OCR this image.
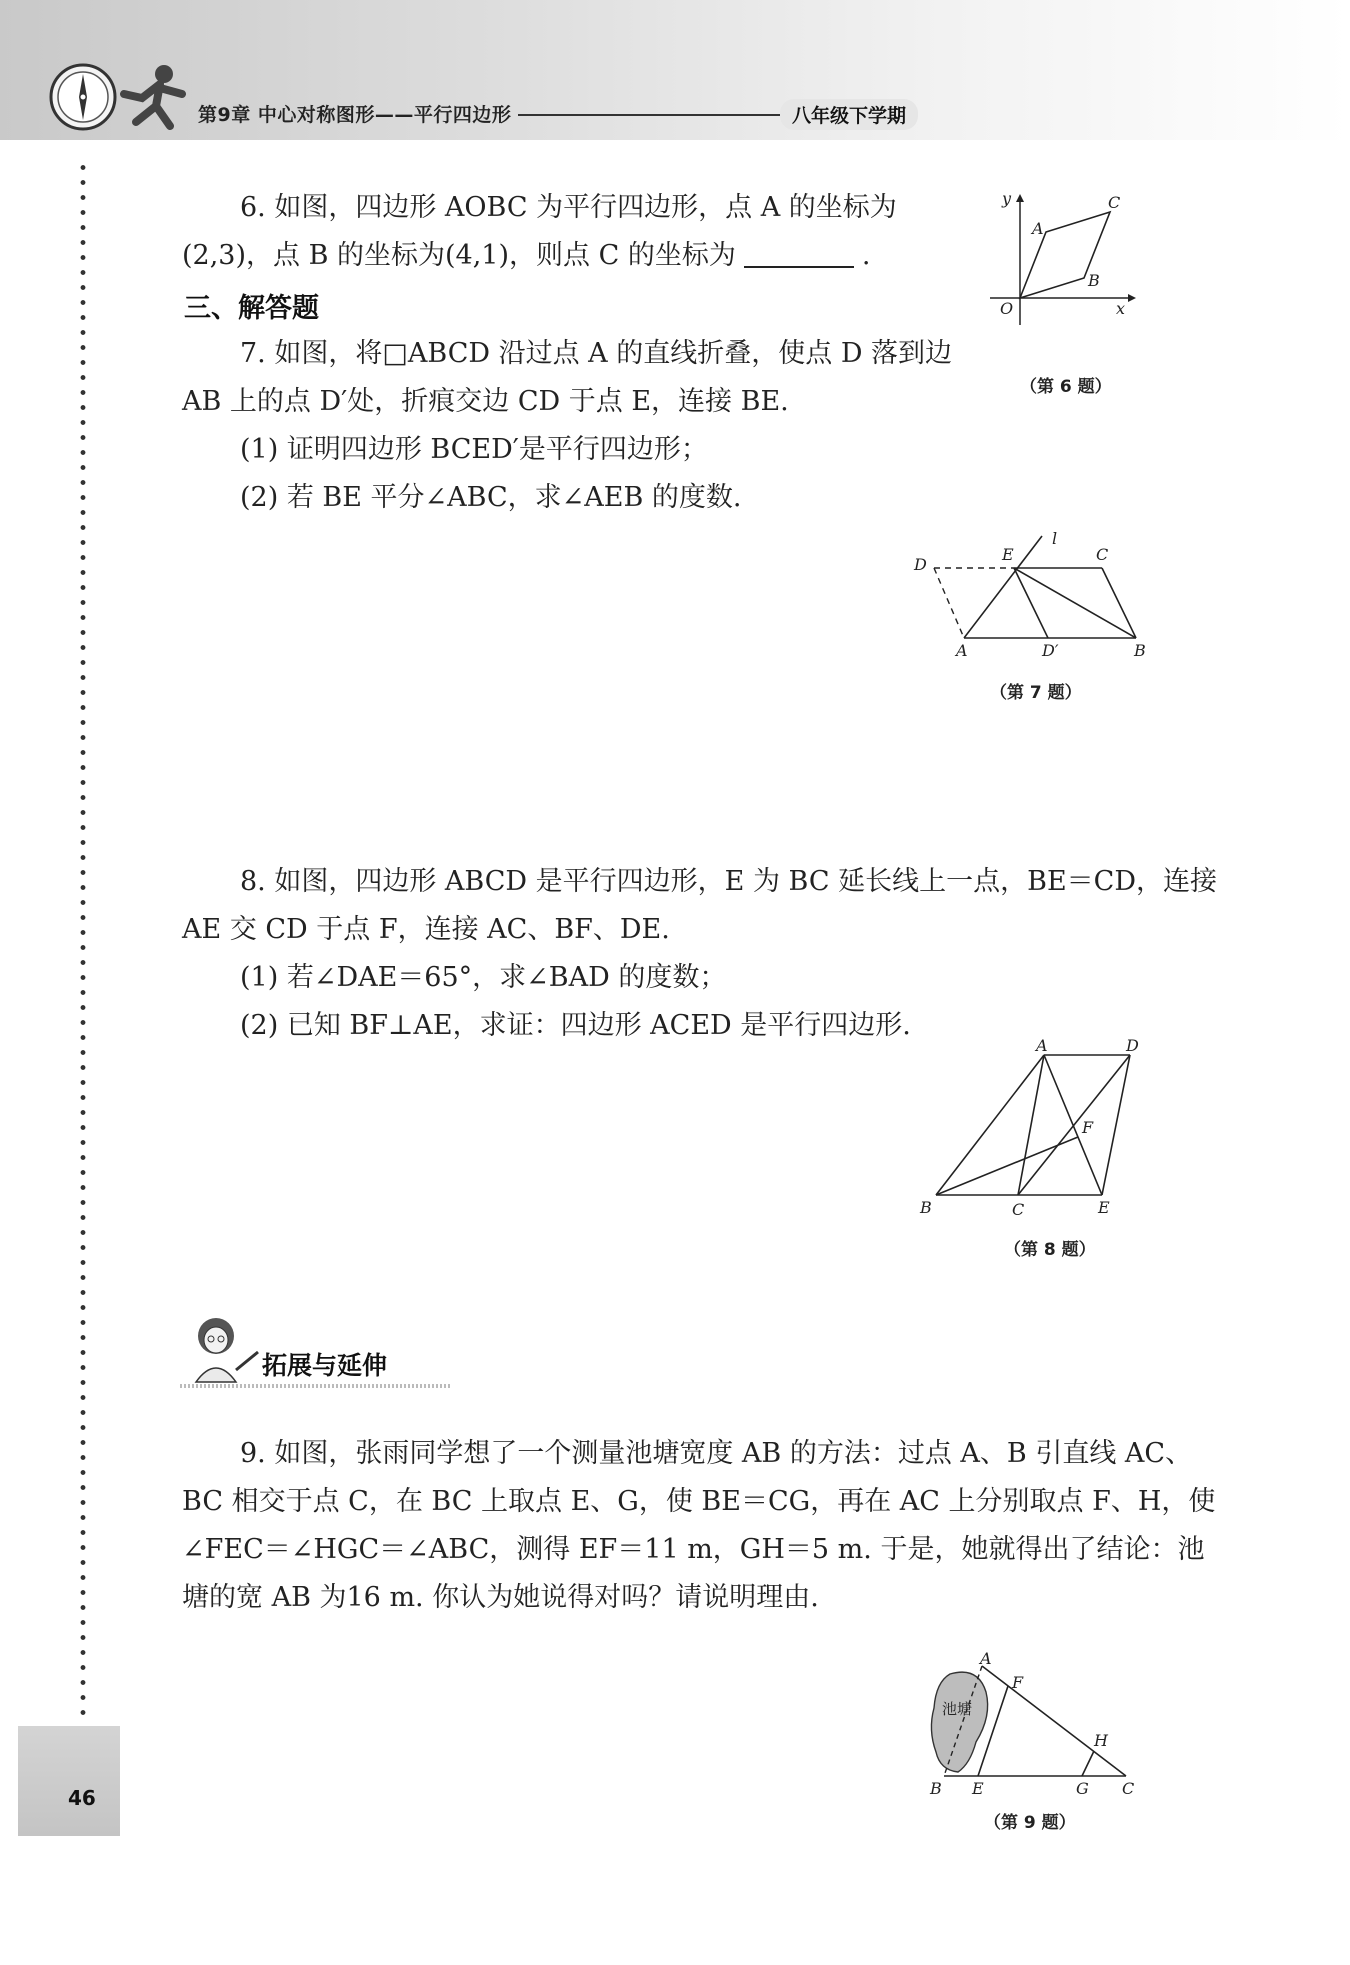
第9章 中心对称图形——平行四边形	八年级下学期
46
6. 如图，四边形 AOBC 为平行四边形，点 A 的坐标为
(2,3)，点 B 的坐标为(4,1)，则点 C 的坐标为	.
y
x
O
A
B
C
（第 6 题）
三、解答题
7. 如图，将□ABCD 沿过点 A 的直线折叠，使点 D 落到边
AB 上的点 D′处，折痕交边 CD 于点 E，连接 BE.
(1) 证明四边形 BCED′是平行四边形；
(2) 若 BE 平分∠ABC，求∠AEB 的度数.
D
E
l
C
A	D′	B
（第 7 题）
8. 如图，四边形 ABCD 是平行四边形，E 为 BC 延长线上一点，BE＝CD，连接
AE 交 CD 于点 F，连接 AC、BF、DE.
(1) 若∠DAE＝65°，求∠BAD 的度数；
(2) 已知 BF⊥AE，求证：四边形 ACED 是平行四边形.
A	D
F
B	C	E
（第 8 题）
拓展与延伸
9. 如图，张雨同学想了一个测量池塘宽度 AB 的方法：过点 A、B 引直线 AC、
BC 相交于点 C，在 BC 上取点 E、G，使 BE＝CG，再在 AC 上分别取点 F、H，使
∠FEC＝∠HGC＝∠ABC，测得 EF＝11 m，GH＝5 m. 于是，她就得出了结论：池
塘的宽 AB 为16 m. 你认为她说得对吗？请说明理由.
A
F
池塘
H
B E	G C
（第 9 题）
